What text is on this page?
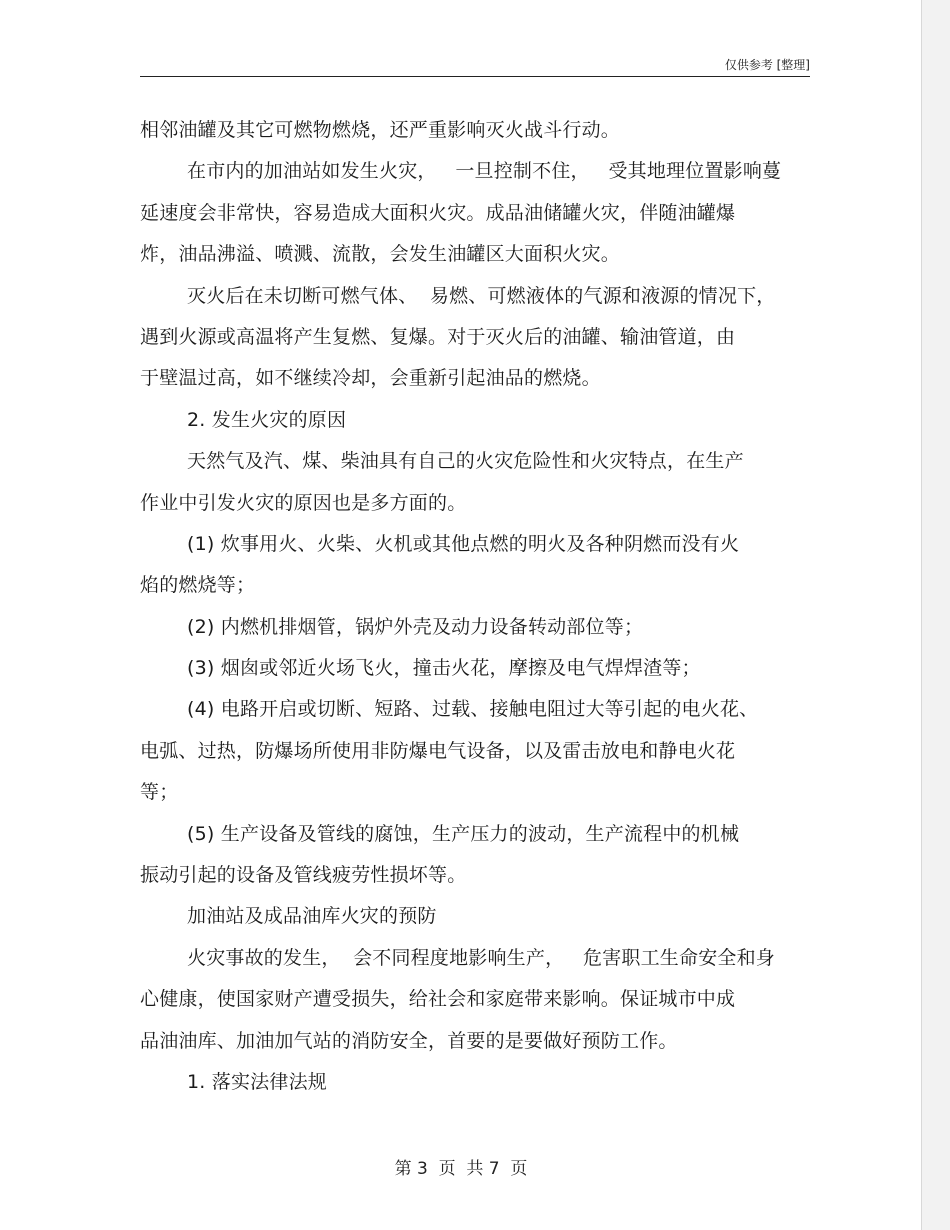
仅供参考 [整理]
相邻油罐及其它可燃物燃烧，还严重影响灭火战斗行动。
在市内的加油站如发生火灾，   一旦控制不住，   受其地理位置影响蔓
延速度会非常快，容易造成大面积火灾。成品油储罐火灾，伴随油罐爆
炸，油品沸溢、喷溅、流散，会发生油罐区大面积火灾。
灭火后在未切断可燃气体、  易燃、可燃液体的气源和液源的情况下，
遇到火源或高温将产生复燃、复爆。对于灭火后的油罐、输油管道，由
于壁温过高，如不继续冷却，会重新引起油品的燃烧。
2. 发生火灾的原因
天然气及汽、煤、柴油具有自己的火灾危险性和火灾特点，在生产
作业中引发火灾的原因也是多方面的。
(1) 炊事用火、火柴、火机或其他点燃的明火及各种阴燃而没有火
焰的燃烧等；
(2) 内燃机排烟管，锅炉外壳及动力设备转动部位等；
(3) 烟囱或邻近火场飞火，撞击火花，摩擦及电气焊焊渣等；
(4) 电路开启或切断、短路、过载、接触电阻过大等引起的电火花、
电弧、过热，防爆场所使用非防爆电气设备，以及雷击放电和静电火花
等；
(5) 生产设备及管线的腐蚀，生产压力的波动，生产流程中的机械
振动引起的设备及管线疲劳性损坏等。
加油站及成品油库火灾的预防
火灾事故的发生，  会不同程度地影响生产，   危害职工生命安全和身
心健康，使国家财产遭受损失，给社会和家庭带来影响。保证城市中成
品油油库、加油加气站的消防安全，首要的是要做好预防工作。
1. 落实法律法规
第 3  页  共 7  页
